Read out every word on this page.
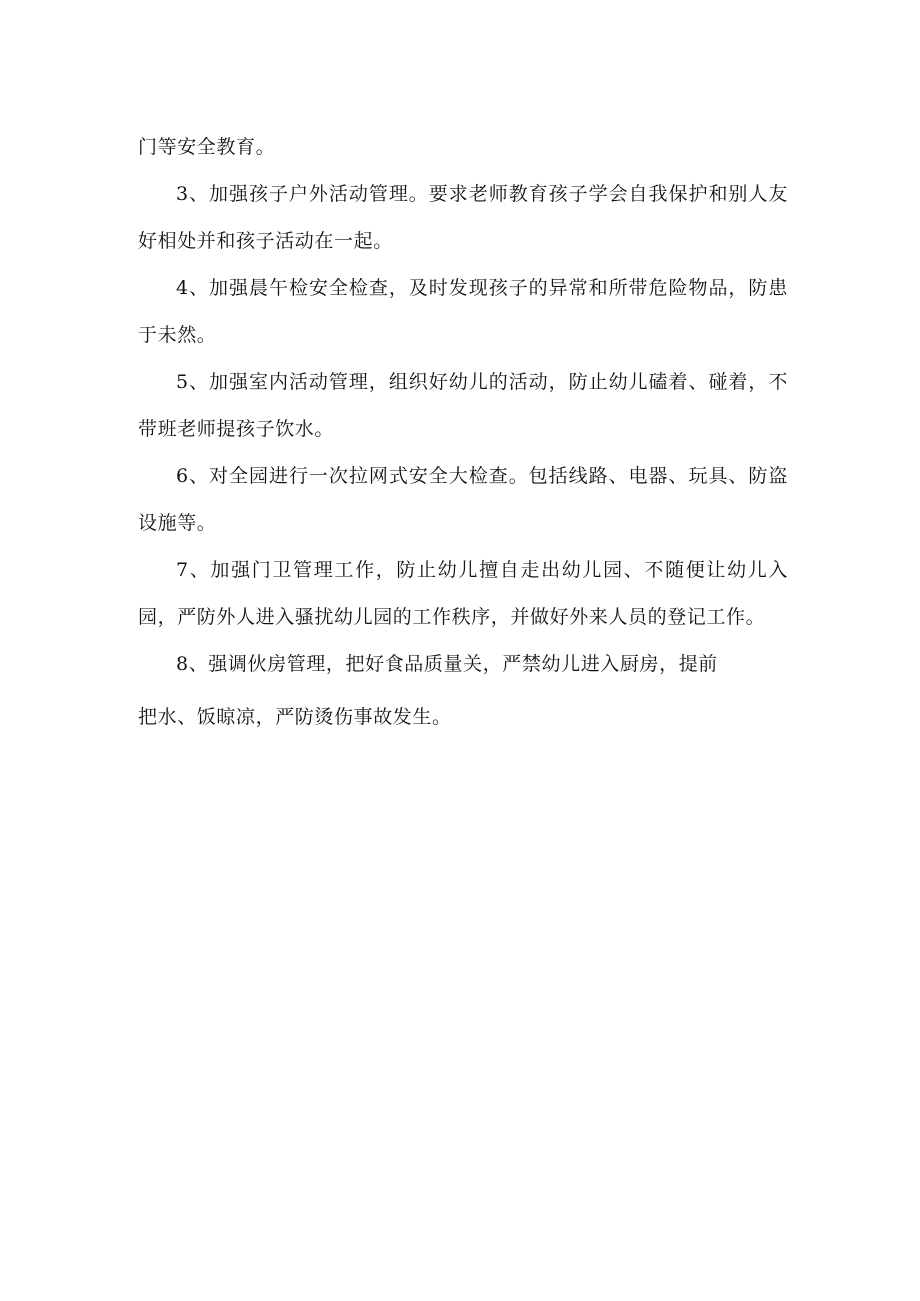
门等安全教育。

3、加强孩子户外活动管理。要求老师教育孩子学会自我保护和别人友好相处并和孩子活动在一起。

4、加强晨午检安全检查，及时发现孩子的异常和所带危险物品，防患于未然。

5、加强室内活动管理，组织好幼儿的活动，防止幼儿磕着、碰着，不带班老师提孩子饮水。

6、对全园进行一次拉网式安全大检查。包括线路、电器、玩具、防盗设施等。

7、加强门卫管理工作，防止幼儿擅自走出幼儿园、不随便让幼儿入园，严防外人进入骚扰幼儿园的工作秩序，并做好外来人员的登记工作。

8、强调伙房管理，把好食品质量关，严禁幼儿进入厨房，提前

把水、饭晾凉，严防烫伤事故发生。
